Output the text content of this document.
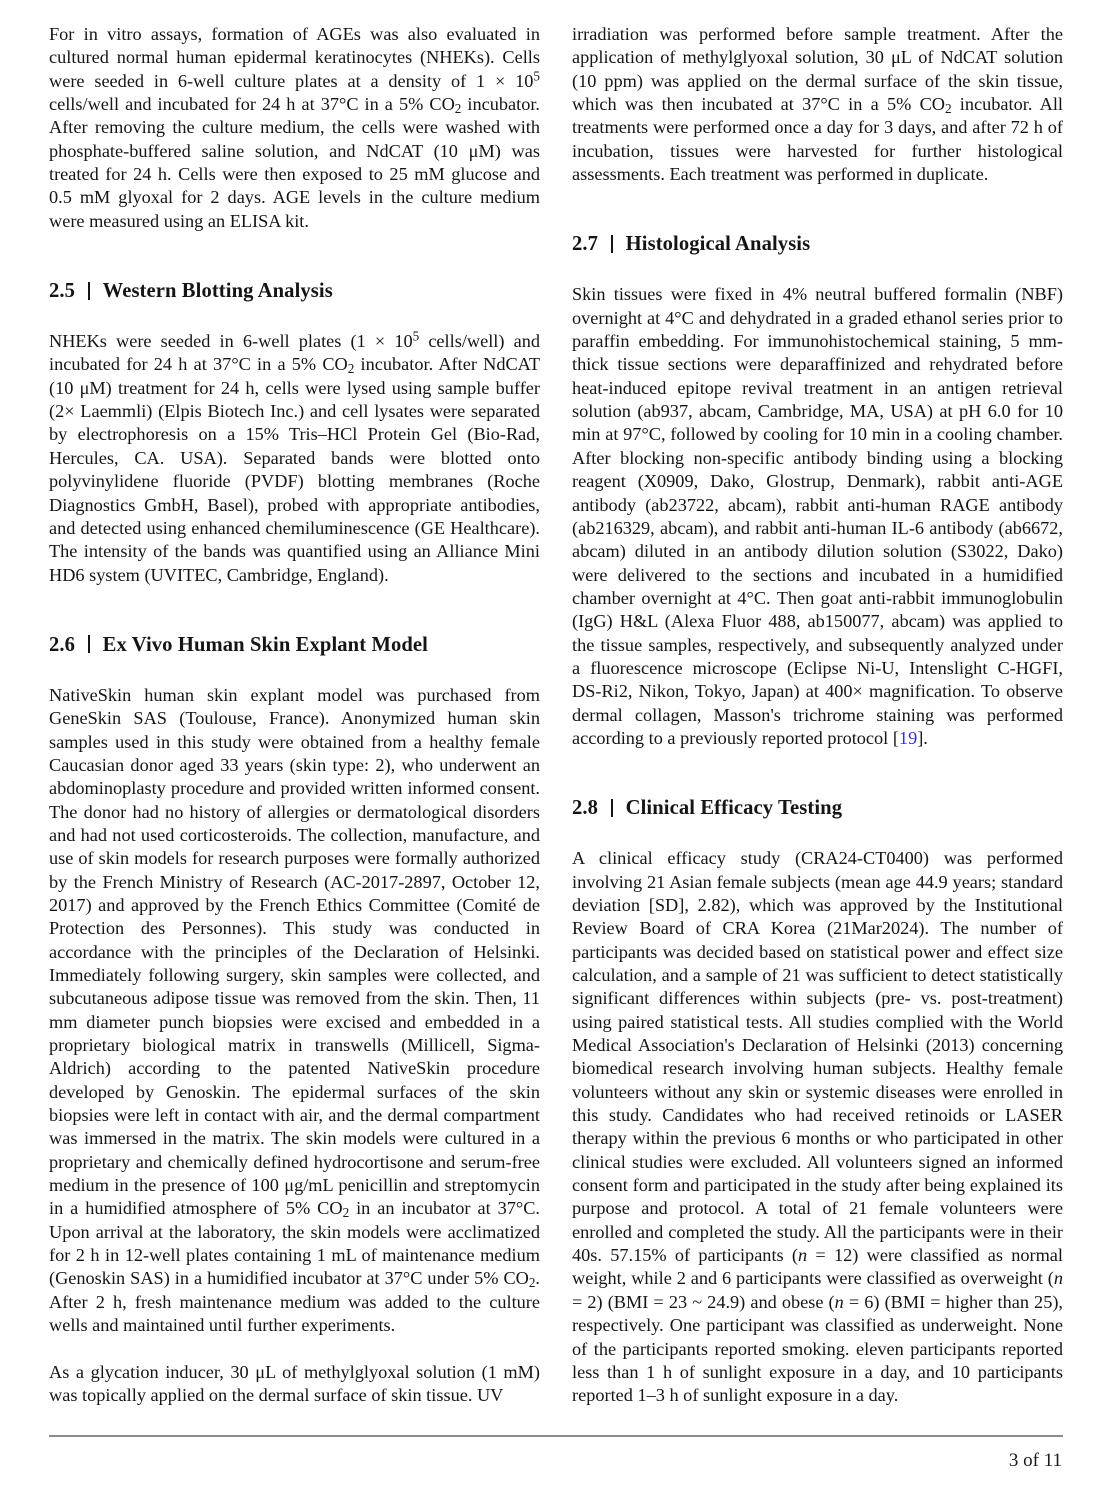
For in vitro assays, formation of AGEs was also evaluated in cultured normal human epidermal keratinocytes (NHEKs). Cells were seeded in 6-well culture plates at a density of $1 \times 10^5$ cells/well and incubated for 24 h at 37°C in a 5% $CO_2$ incubator. After removing the culture medium, the cells were washed with phosphate-buffered saline solution, and NdCAT (10 μM) was treated for 24 h. Cells were then exposed to 25 mM glucose and 0.5 mM glyoxal for 2 days. AGE levels in the culture medium were measured using an ELISA kit.

2.5 Western Blotting Analysis

NHEKs were seeded in 6-well plates ($1 \times 10^5$ cells/well) and incubated for 24 h at 37°C in a 5% $CO_2$ incubator. After NdCAT (10 μM) treatment for 24 h, cells were lysed using sample buffer (2× Laemmli) (Elpis Biotech Inc.) and cell lysates were separated by electrophoresis on a 15% Tris–HCl Protein Gel (Bio-Rad, Hercules, CA. USA). Separated bands were blotted onto polyvinylidene fluoride (PVDF) blotting membranes (Roche Diagnostics GmbH, Basel), probed with appropriate antibodies, and detected using enhanced chemiluminescence (GE Healthcare). The intensity of the bands was quantified using an Alliance Mini HD6 system (UVITEC, Cambridge, England).

2.6 Ex Vivo Human Skin Explant Model

NativeSkin human skin explant model was purchased from GeneSkin SAS (Toulouse, France). Anonymized human skin samples used in this study were obtained from a healthy female Caucasian donor aged 33 years (skin type: 2), who underwent an abdominoplasty procedure and provided written informed consent. The donor had no history of allergies or dermatological disorders and had not used corticosteroids. The collection, manufacture, and use of skin models for research purposes were formally authorized by the French Ministry of Research (AC-2017-2897, October 12, 2017) and approved by the French Ethics Committee (Comité de Protection des Personnes). This study was conducted in accordance with the principles of the Declaration of Helsinki. Immediately following surgery, skin samples were collected, and subcutaneous adipose tissue was removed from the skin. Then, 11 mm diameter punch biopsies were excised and embedded in a proprietary biological matrix in transwells (Millicell, Sigma-Aldrich) according to the patented NativeSkin procedure developed by Genoskin. The epidermal surfaces of the skin biopsies were left in contact with air, and the dermal compartment was immersed in the matrix. The skin models were cultured in a proprietary and chemically defined hydrocortisone and serum-free medium in the presence of 100 μg/mL penicillin and streptomycin in a humidified atmosphere of 5% $CO_2$ in an incubator at 37°C. Upon arrival at the laboratory, the skin models were acclimatized for 2 h in 12-well plates containing 1 mL of maintenance medium (Genoskin SAS) in a humidified incubator at 37°C under 5% $CO_2$. After 2 h, fresh maintenance medium was added to the culture wells and maintained until further experiments.

As a glycation inducer, 30 μL of methylglyoxal solution (1 mM) was topically applied on the dermal surface of skin tissue. UV

irradiation was performed before sample treatment. After the application of methylglyoxal solution, 30 μL of NdCAT solution (10 ppm) was applied on the dermal surface of the skin tissue, which was then incubated at 37°C in a 5% $CO_2$ incubator. All treatments were performed once a day for 3 days, and after 72 h of incubation, tissues were harvested for further histological assessments. Each treatment was performed in duplicate.

2.7 Histological Analysis

Skin tissues were fixed in 4% neutral buffered formalin (NBF) overnight at 4°C and dehydrated in a graded ethanol series prior to paraffin embedding. For immunohistochemical staining, 5 mm-thick tissue sections were deparaffinized and rehydrated before heat-induced epitope revival treatment in an antigen retrieval solution (ab937, abcam, Cambridge, MA, USA) at pH 6.0 for 10 min at 97°C, followed by cooling for 10 min in a cooling chamber. After blocking non-specific antibody binding using a blocking reagent (X0909, Dako, Glostrup, Denmark), rabbit anti-AGE antibody (ab23722, abcam), rabbit anti-human RAGE antibody (ab216329, abcam), and rabbit anti-human IL-6 antibody (ab6672, abcam) diluted in an antibody dilution solution (S3022, Dako) were delivered to the sections and incubated in a humidified chamber overnight at 4°C. Then goat anti-rabbit immunoglobulin (IgG) H&L (Alexa Fluor 488, ab150077, abcam) was applied to the tissue samples, respectively, and subsequently analyzed under a fluorescence microscope (Eclipse Ni-U, Intenslight C-HGFI, DS-Ri2, Nikon, Tokyo, Japan) at 400× magnification. To observe dermal collagen, Masson's trichrome staining was performed according to a previously reported protocol [19].

2.8 Clinical Efficacy Testing

A clinical efficacy study (CRA24-CT0400) was performed involving 21 Asian female subjects (mean age 44.9 years; standard deviation [SD], 2.82), which was approved by the Institutional Review Board of CRA Korea (21Mar2024). The number of participants was decided based on statistical power and effect size calculation, and a sample of 21 was sufficient to detect statistically significant differences within subjects (pre- vs. post-treatment) using paired statistical tests. All studies complied with the World Medical Association's Declaration of Helsinki (2013) concerning biomedical research involving human subjects. Healthy female volunteers without any skin or systemic diseases were enrolled in this study. Candidates who had received retinoids or LASER therapy within the previous 6 months or who participated in other clinical studies were excluded. All volunteers signed an informed consent form and participated in the study after being explained its purpose and protocol. A total of 21 female volunteers were enrolled and completed the study. All the participants were in their 40s. 57.15% of participants (n = 12) were classified as normal weight, while 2 and 6 participants were classified as overweight (n = 2) (BMI = 23 ~ 24.9) and obese (n = 6) (BMI = higher than 25), respectively. One participant was classified as underweight. None of the participants reported smoking. eleven participants reported less than 1 h of sunlight exposure in a day, and 10 participants reported 1–3 h of sunlight exposure in a day.

3 of 11
